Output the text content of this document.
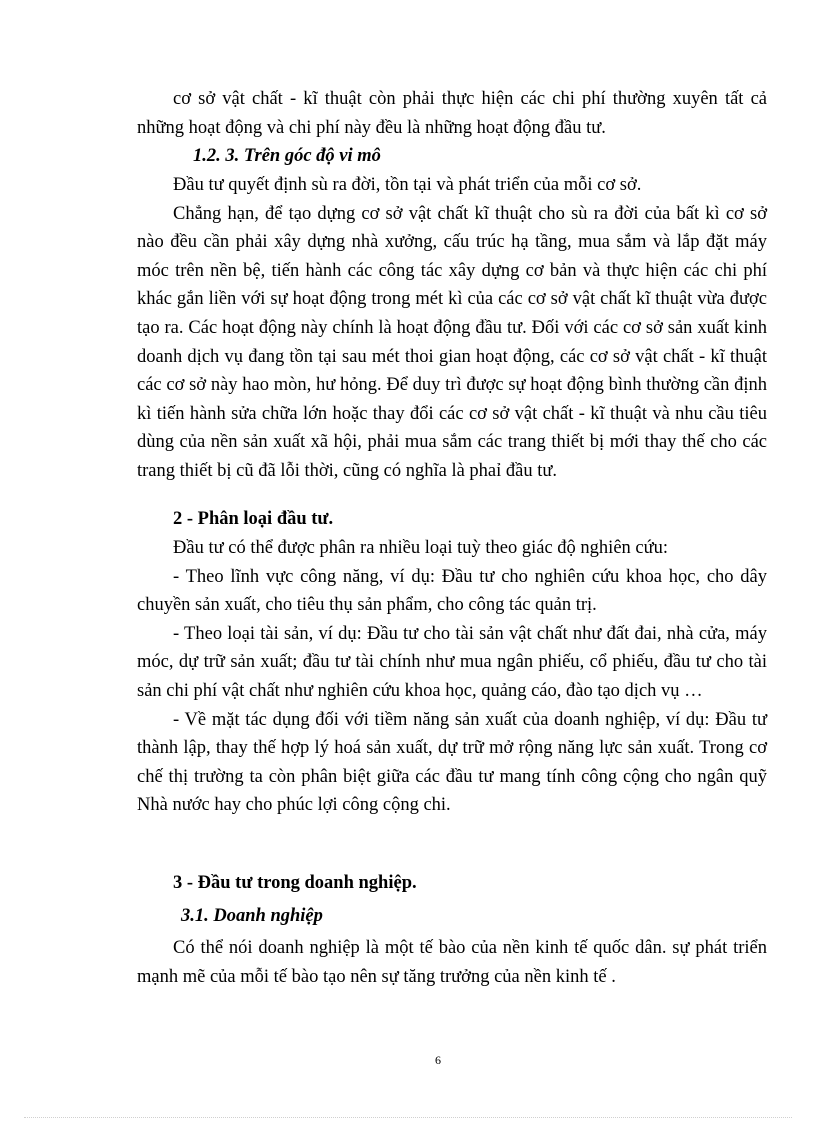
cơ sở vật chất - kĩ thuật còn phải thực hiện các chi phí thường xuyên tất cả những hoạt động và chi phí này đều là những hoạt động đầu tư.

1.2. 3. Trên góc độ vi mô

Đầu tư quyết định sù ra đời, tồn tại và phát triển của mỗi cơ sở.

Chẳng hạn, để tạo dựng cơ sở vật chất kĩ thuật cho sù ra đời của bất kì cơ sở nào đều cần phải xây dựng nhà xưởng, cấu trúc hạ tầng, mua sắm và lắp đặt máy móc trên nền bệ, tiến hành các công tác xây dựng cơ bản và thực hiện các chi phí khác gắn liền với sự hoạt động trong mét kì của các cơ sở vật chất kĩ thuật vừa được tạo ra. Các hoạt động này chính là hoạt động đầu tư. Đối với các cơ sở sản xuất kinh doanh dịch vụ đang tồn tại sau mét thoi gian hoạt động, các cơ sở vật chất - kĩ thuật các cơ sở này hao mòn, hư hỏng. Để duy trì được sự hoạt động bình thường cần định kì tiến hành sửa chữa lớn hoặc thay đổi các cơ sở vật chất - kĩ thuật và nhu cầu tiêu dùng của nền sản xuất xã hội, phải mua sắm các trang thiết bị mới thay thế cho các trang thiết bị cũ đã lỗi thời, cũng có nghĩa là phaỉ đầu tư.

2 - Phân loại đầu tư.

Đầu tư có thể được phân ra nhiều loại tuỳ theo giác độ nghiên cứu:

- Theo lĩnh vực công năng, ví dụ: Đầu tư cho nghiên cứu khoa học, cho dây chuyền sản xuất, cho tiêu thụ sản phẩm, cho công tác quản trị.

- Theo loại tài sản, ví dụ: Đầu tư cho tài sản vật chất như đất đai, nhà cửa, máy móc, dự trữ sản xuất; đầu tư tài chính như mua ngân phiếu, cổ phiếu, đầu tư cho tài sản chi phí vật chất như nghiên cứu khoa học, quảng cáo, đào tạo dịch vụ …

- Về mặt tác dụng đối với tiềm năng sản xuất của doanh nghiệp, ví dụ: Đầu tư thành lập, thay thế hợp lý hoá sản xuất, dự trữ mở rộng năng lực sản xuất. Trong cơ chế thị trường ta còn phân biệt giữa các đầu tư mang tính công cộng cho ngân quỹ Nhà nước hay cho phúc lợi công cộng chi.

3 - Đầu tư trong doanh nghiệp.

3.1. Doanh nghiệp

Có thể nói doanh nghiệp là một tế bào của nền kinh tế quốc dân. sự phát triển mạnh mẽ của mỗi tế bào tạo nên sự tăng trưởng của nền kinh tế .

6
